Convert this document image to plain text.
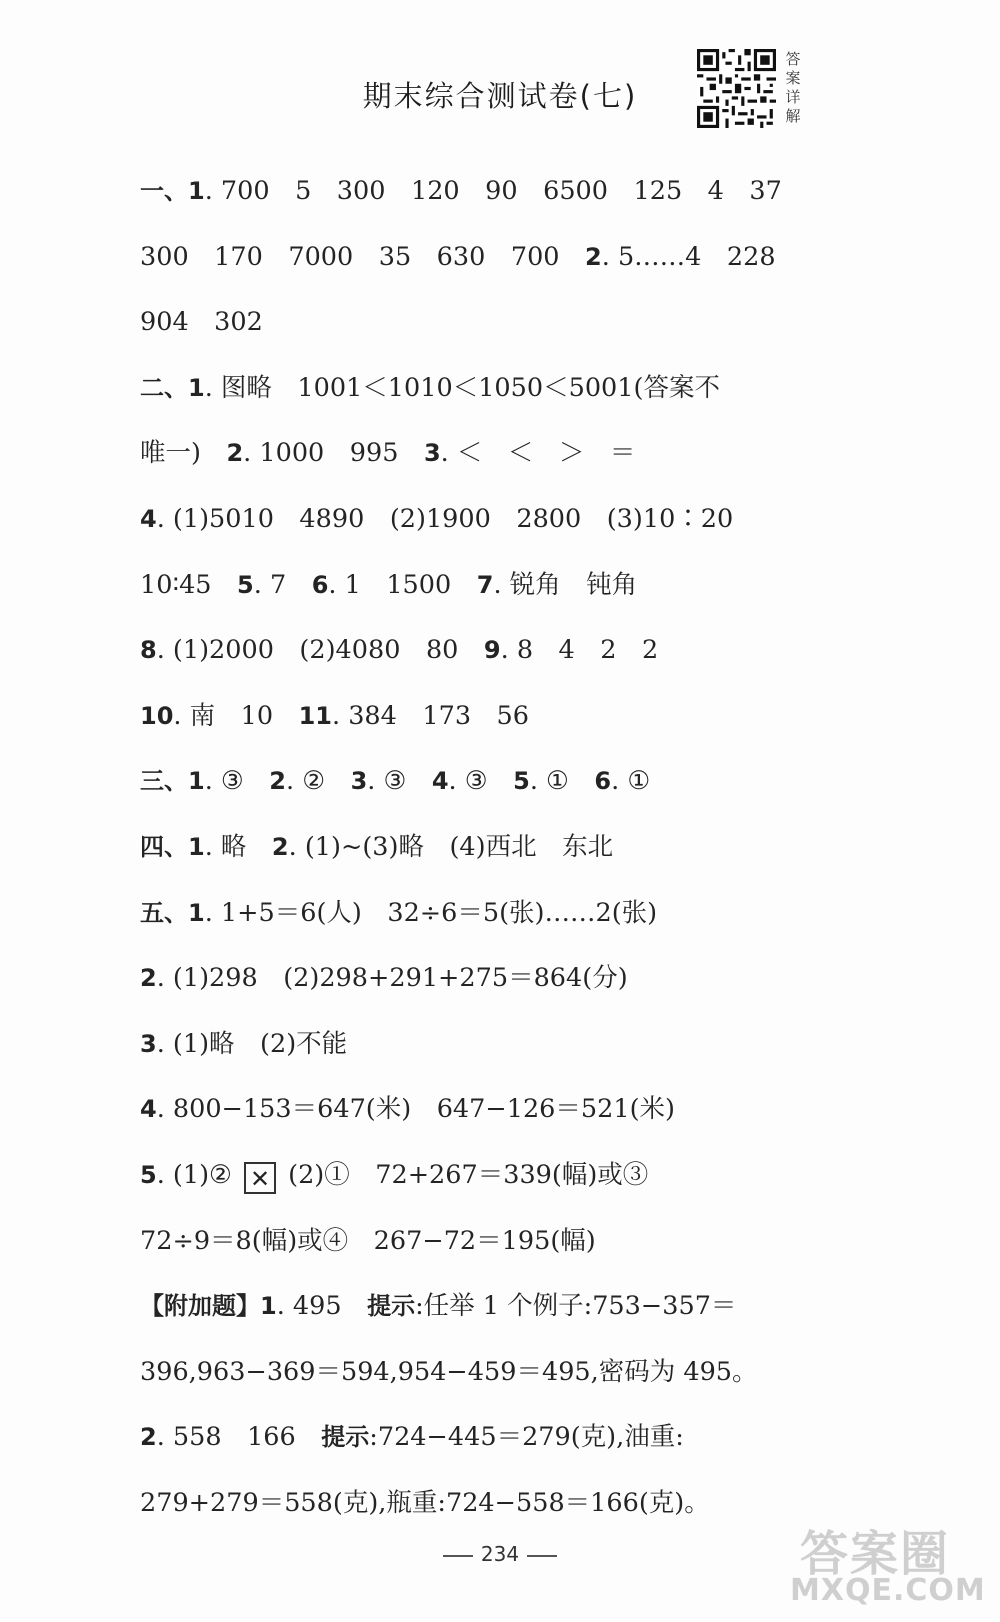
期末综合测试卷(七)
答
案
详
解
一、1. 700　5　300　120　90　6500　125　4　37
300　170　7000　35　630　700　2. 5……4　228
904　302
二、1. 图略　1001＜1010＜1050＜5001(答案不
唯一)　2. 1000　995　3. ＜　＜　＞　＝
4. (1)5010　4890　(2)1900　2800　(3)10∶20
10∶45　5. 7　6. 1　1500　7. 锐角　钝角
8. (1)2000　(2)4080　80　9. 8　4　2　2
10. 南　10　11. 384　173　56
三、1. ③　2. ②　3. ③　4. ③　5. ①　6. ①
四、1. 略　2. (1)~(3)略　(4)西北　东北
五、1. 1+5＝6(人)　32÷6＝5(张)……2(张)
2. (1)298　(2)298+291+275＝864(分)
3. (1)略　(2)不能
4. 800−153＝647(米)　647−126＝521(米)
5. (1)② ✕ (2)①　72+267＝339(幅)或③
72÷9＝8(幅)或④　267−72＝195(幅)
【附加题】1. 495　提示:任举 1 个例子:753−357＝
396,963−369＝594,954−459＝495,密码为 495。
2. 558　166　提示:724−445＝279(克),油重:
279+279＝558(克),瓶重:724−558＝166(克)。
234	答案圈
MXQE.COM
